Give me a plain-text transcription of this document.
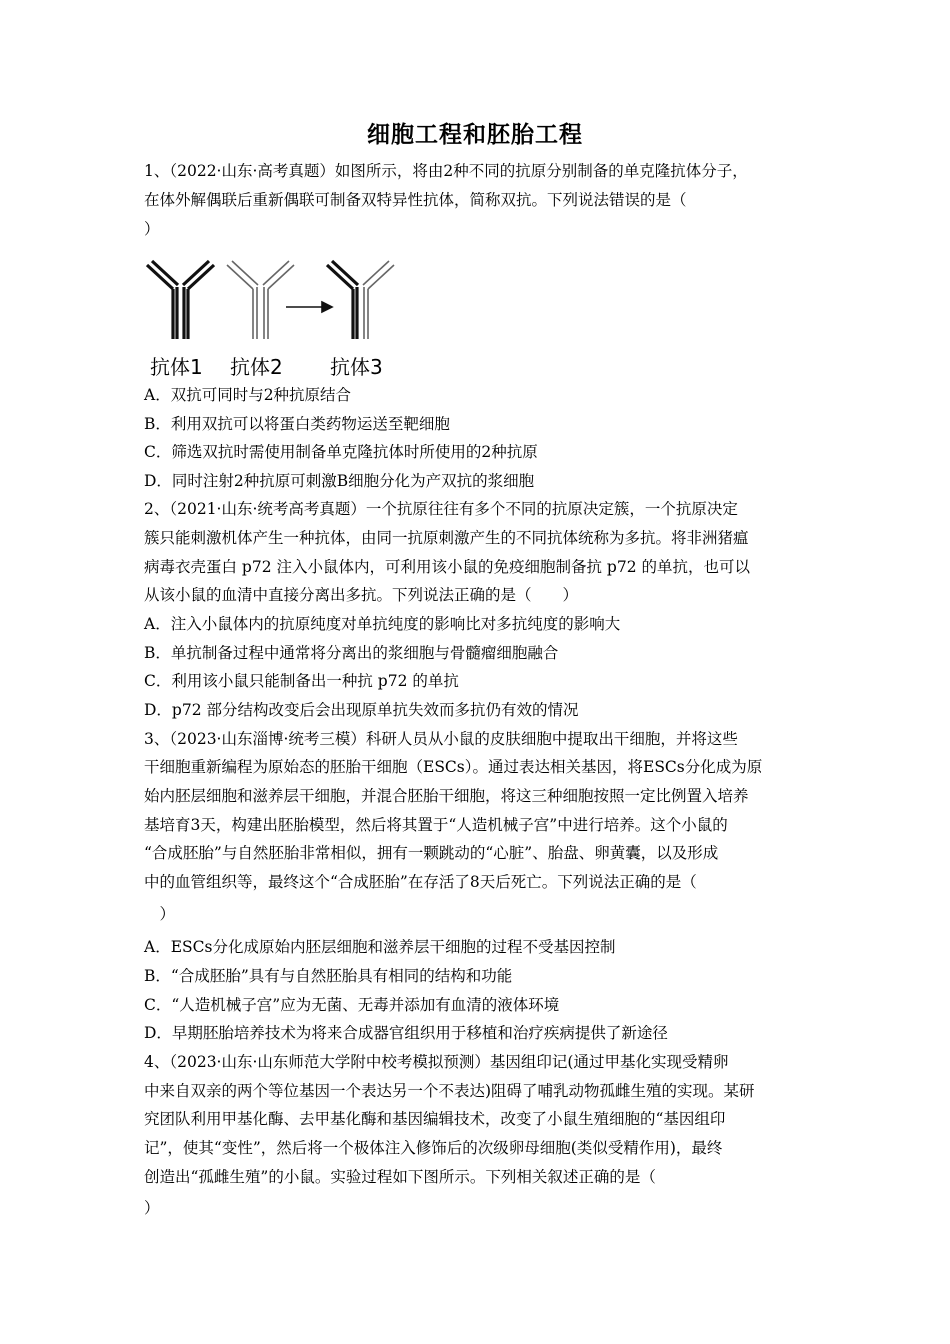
细胞工程和胚胎工程
1、（2022·山东·高考真题）如图所示，将由2种不同的抗原分别制备的单克隆抗体分子，
在体外解偶联后重新偶联可制备双特异性抗体，简称双抗。下列说法错误的是（
）
抗体1 抗体2 抗体3
A．双抗可同时与2种抗原结合
B．利用双抗可以将蛋白类药物运送至靶细胞
C．筛选双抗时需使用制备单克隆抗体时所使用的2种抗原
D．同时注射2种抗原可刺激B细胞分化为产双抗的浆细胞
2、（2021·山东·统考高考真题）一个抗原往往有多个不同的抗原决定簇，一个抗原决定
簇只能刺激机体产生一种抗体，由同一抗原刺激产生的不同抗体统称为多抗。将非洲猪瘟
病毒衣壳蛋白 p72 注入小鼠体内，可利用该小鼠的免疫细胞制备抗 p72 的单抗，也可以
从该小鼠的血清中直接分离出多抗。下列说法正确的是（　　）
A．注入小鼠体内的抗原纯度对单抗纯度的影响比对多抗纯度的影响大
B．单抗制备过程中通常将分离出的浆细胞与骨髓瘤细胞融合
C．利用该小鼠只能制备出一种抗 p72 的单抗
D．p72 部分结构改变后会出现原单抗失效而多抗仍有效的情况
3、（2023·山东淄博·统考三模）科研人员从小鼠的皮肤细胞中提取出干细胞，并将这些
干细胞重新编程为原始态的胚胎干细胞（ESCs）。通过表达相关基因，将ESCs分化成为原
始内胚层细胞和滋养层干细胞，并混合胚胎干细胞，将这三种细胞按照一定比例置入培养
基培育3天，构建出胚胎模型，然后将其置于“人造机械子宫”中进行培养。这个小鼠的
“合成胚胎”与自然胚胎非常相似，拥有一颗跳动的“心脏”、胎盘、卵黄囊，以及形成
中的血管组织等，最终这个“合成胚胎”在存活了8天后死亡。下列说法正确的是（
　）
A．ESCs分化成原始内胚层细胞和滋养层干细胞的过程不受基因控制
B．“合成胚胎”具有与自然胚胎具有相同的结构和功能
C．“人造机械子宫”应为无菌、无毒并添加有血清的液体环境
D．早期胚胎培养技术为将来合成器官组织用于移植和治疗疾病提供了新途径
4、（2023·山东·山东师范大学附中校考模拟预测）基因组印记(通过甲基化实现受精卵
中来自双亲的两个等位基因一个表达另一个不表达)阻碍了哺乳动物孤雌生殖的实现。某研
究团队利用甲基化酶、去甲基化酶和基因编辑技术，改变了小鼠生殖细胞的“基因组印
记”，使其“变性”，然后将一个极体注入修饰后的次级卵母细胞(类似受精作用)，最终
创造出“孤雌生殖”的小鼠。实验过程如下图所示。下列相关叙述正确的是（
）
